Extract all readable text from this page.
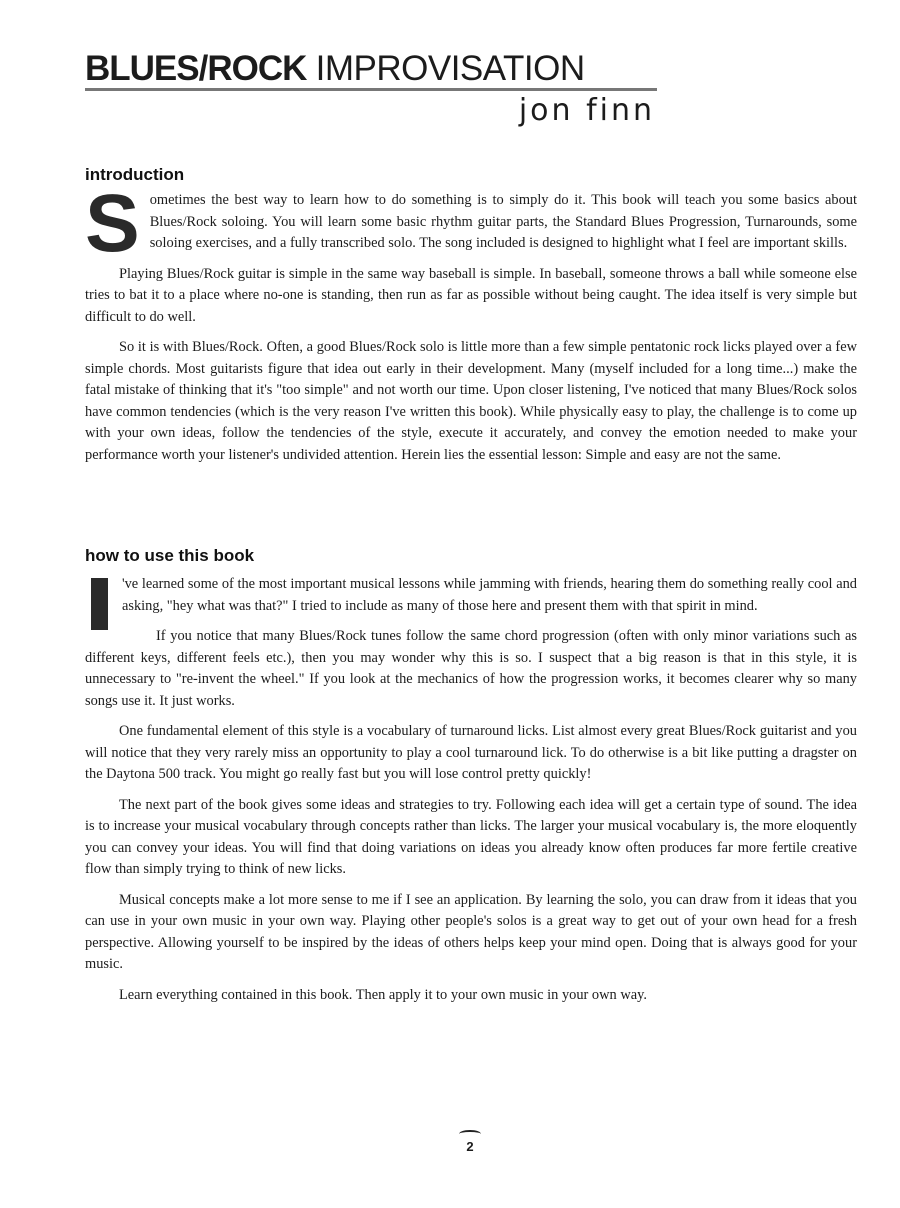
BLUES/ROCK IMPROVISATION
jon finn
introduction

Sometimes the best way to learn how to do something is to simply do it. This book will teach you some basics about Blues/Rock soloing. You will learn some basic rhythm guitar parts, the Standard Blues Progression, Turnarounds, some soloing exercises, and a fully transcribed solo. The song included is designed to highlight what I feel are important skills.

Playing Blues/Rock guitar is simple in the same way baseball is simple. In baseball, someone throws a ball while someone else tries to bat it to a place where no-one is standing, then run as far as possible without being caught. The idea itself is very simple but difficult to do well.

So it is with Blues/Rock. Often, a good Blues/Rock solo is little more than a few simple pentatonic rock licks played over a few simple chords. Most guitarists figure that idea out early in their development. Many (myself included for a long time...) make the fatal mistake of thinking that it's "too simple" and not worth our time. Upon closer listening, I've noticed that many Blues/Rock solos have common tendencies (which is the very reason I've written this book). While physically easy to play, the challenge is to come up with your own ideas, follow the tendencies of the style, execute it accurately, and convey the emotion needed to make your performance worth your listener's undivided attention. Herein lies the essential lesson: Simple and easy are not the same.

how to use this book

've learned some of the most important musical lessons while jamming with friends, hearing them do something really cool and asking, "hey what was that?" I tried to include as many of those here and present them with that spirit in mind.

If you notice that many Blues/Rock tunes follow the same chord progression (often with only minor variations such as different keys, different feels etc.), then you may wonder why this is so. I suspect that a big reason is that in this style, it is unnecessary to "re-invent the wheel." If you look at the mechanics of how the progression works, it becomes clearer why so many songs use it. It just works.

One fundamental element of this style is a vocabulary of turnaround licks. List almost every great Blues/Rock guitarist and you will notice that they very rarely miss an opportunity to play a cool turnaround lick. To do otherwise is a bit like putting a dragster on the Daytona 500 track. You might go really fast but you will lose control pretty quickly!

The next part of the book gives some ideas and strategies to try. Following each idea will get a certain type of sound. The idea is to increase your musical vocabulary through concepts rather than licks. The larger your musical vocabulary is, the more eloquently you can convey your ideas. You will find that doing variations on ideas you already know often produces far more fertile creative flow than simply trying to think of new licks.

Musical concepts make a lot more sense to me if I see an application. By learning the solo, you can draw from it ideas that you can use in your own music in your own way. Playing other people's solos is a great way to get out of your own head for a fresh perspective. Allowing yourself to be inspired by the ideas of others helps keep your mind open. Doing that is always good for your music.

Learn everything contained in this book. Then apply it to your own music in your own way.

2
